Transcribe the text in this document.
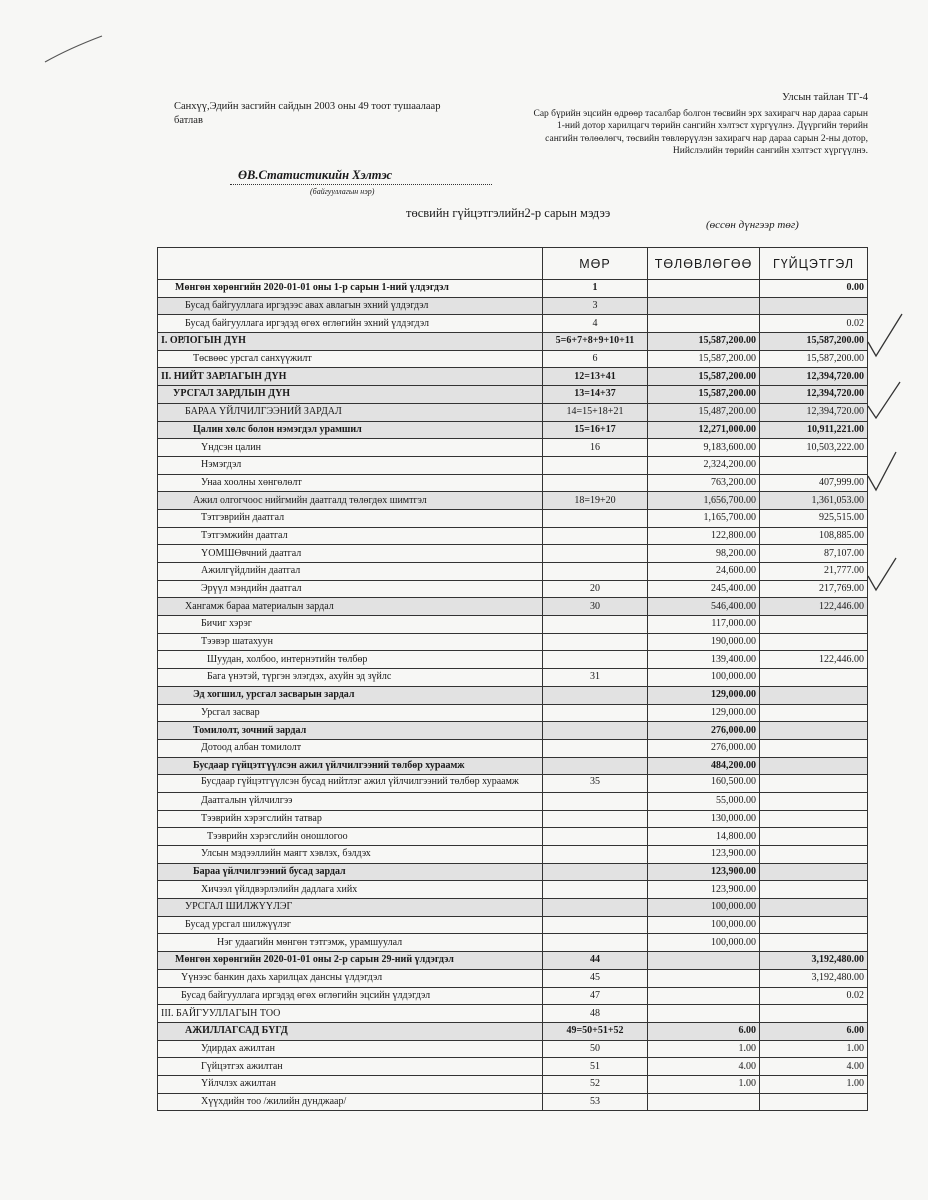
Санхүү,Эдийн засгийн сайдын 2003 оны 49 тоот тушаалаар
батлав
Улсын тайлан ТГ-4
Сар бүрийн эцсийн өдрөөр тасалбар болгон төсвийн эрх захирагч нар дараа сарын
1-ний дотор харилцагч төрийн сангийн хэлтэст хүргүүлнэ. Дүүргийн төрийн
сангийн төлөөлөгч, төсвийн төвлөрүүлэн захирагч нар дараа сарын 2-ны дотор,
Нийслэлийн төрийн сангийн хэлтэст хүргүүлнэ.
ӨВ.Статистикийн Хэлтэс
(байгууллагын нэр)
төсвийн гүйцэтгэлийн2-р сарын мэдээ
(өссөн дүнгээр төг)
	МӨР	ТӨЛӨВЛӨГӨӨ	ГҮЙЦЭТГЭЛ
Мөнгөн хөрөнгийн 2020-01-01 оны 1-р сарын 1-ний үлдэгдэл	1		0.00
Бусад байгууллага иргэдээс авах авлагын эхний үлдэгдэл	3		
Бусад байгууллага иргэдэд өгөх өглөгийн эхний үлдэгдэл	4		0.02
I. ОРЛОГЫН ДҮН	5=6+7+8+9+10+11	15,587,200.00	15,587,200.00
Төсвөөс урсгал санхүүжилт	6	15,587,200.00	15,587,200.00
II. НИЙТ ЗАРЛАГЫН ДҮН	12=13+41	15,587,200.00	12,394,720.00
УРСГАЛ ЗАРДЛЫН ДҮН	13=14+37	15,587,200.00	12,394,720.00
БАРАА ҮЙЛЧИЛГЭЭНИЙ ЗАРДАЛ	14=15+18+21	15,487,200.00	12,394,720.00
Цалин хөлс болон нэмэгдэл урамшил	15=16+17	12,271,000.00	10,911,221.00
Үндсэн цалин	16	9,183,600.00	10,503,222.00
Нэмэгдэл		2,324,200.00	
Унаа хоолны хөнгөлөлт		763,200.00	407,999.00
Ажил олгогчоос нийгмийн даатгалд төлөгдөх шимтгэл	18=19+20	1,656,700.00	1,361,053.00
Тэтгэврийн даатгал		1,165,700.00	925,515.00
Тэтгэмжийн даатгал		122,800.00	108,885.00
ҮОМШӨвчний даатгал		98,200.00	87,107.00
Ажилгүйдлийн даатгал		24,600.00	21,777.00
Эрүүл мэндийн даатгал	20	245,400.00	217,769.00
Хангамж бараа материалын зардал	30	546,400.00	122,446.00
Бичиг хэрэг		117,000.00	
Тээвэр шатахуун		190,000.00	
Шуудан, холбоо, интернэтийн төлбөр		139,400.00	122,446.00
Бага үнэтэй, түргэн элэгдэх, ахуйн эд зүйлс	31	100,000.00	
Эд хогшил, урсгал засварын зардал		129,000.00	
Урсгал засвар		129,000.00	
Томилолт, зочний зардал		276,000.00	
Дотоод албан томилолт		276,000.00	
Бусдаар гүйцэтгүүлсэн ажил үйлчилгээний төлбөр хураамж		484,200.00	
Бусдаар гүйцэтгүүлсэн бусад нийтлэг ажил үйлчилгээний төлбөр хураамж	35	160,500.00	
Даатгалын үйлчилгээ		55,000.00	
Тээврийн хэрэгслийн татвар		130,000.00	
Тээврийн хэрэгслийн оношлогоо		14,800.00	
Улсын мэдээллийн маягт хэвлэх, бэлдэх		123,900.00	
Бараа үйлчилгээний бусад зардал		123,900.00	
Хичээл үйлдвэрлэлийн дадлага хийх		123,900.00	
УРСГАЛ ШИЛЖҮҮЛЭГ		100,000.00	
Бусад урсгал шилжүүлэг		100,000.00	
Нэг удаагийн мөнгөн тэтгэмж, урамшуулал		100,000.00	
Мөнгөн хөрөнгийн 2020-01-01 оны 2-р сарын 29-ний үлдэгдэл	44		3,192,480.00
Үүнээс банкин дахь харилцах дансны үлдэгдэл	45		3,192,480.00
Бусад байгууллага иргэдэд өгөх өглөгийн эцсийн үлдэгдэл	47		0.02
III. БАЙГУУЛЛАГЫН ТОО	48		
АЖИЛЛАГСАД БҮГД	49=50+51+52	6.00	6.00
Удирдах ажилтан	50	1.00	1.00
Гүйцэтгэх ажилтан	51	4.00	4.00
Үйлчлэх ажилтан	52	1.00	1.00
Хүүхдийн тоо /жилийн дунджаар/	53		
